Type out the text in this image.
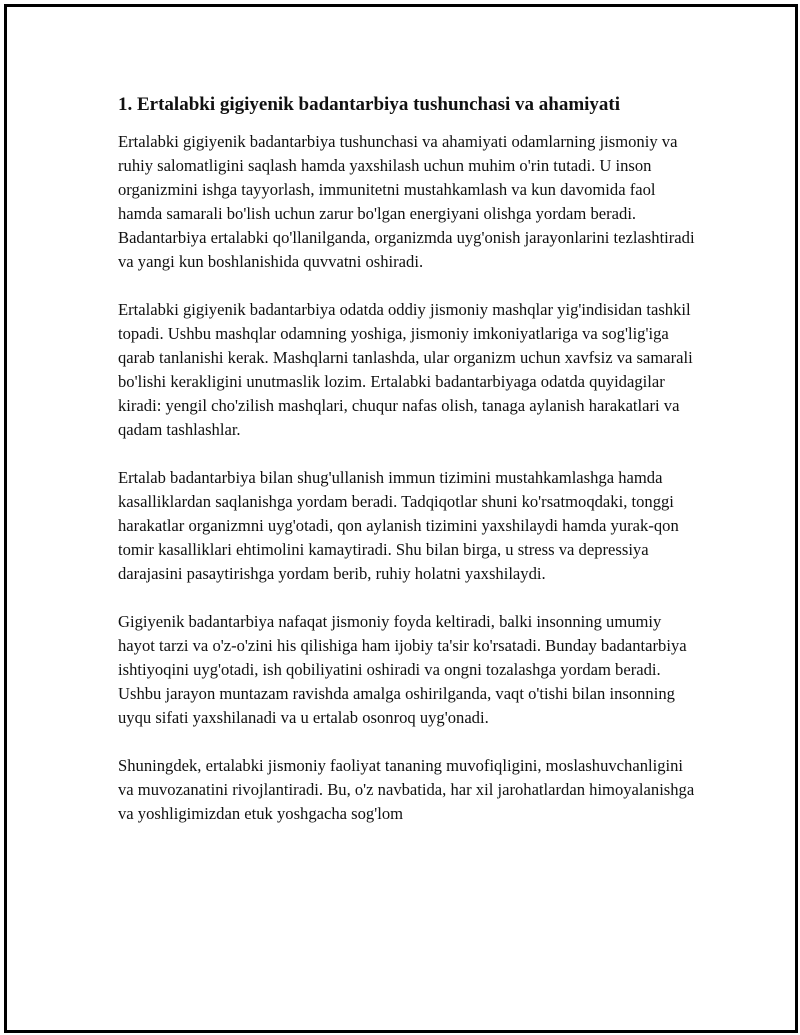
1. Ertalabki gigiyenik badantarbiya tushunchasi va ahamiyati

Ertalabki gigiyenik badantarbiya tushunchasi va ahamiyati odamlarning jismoniy va ruhiy salomatligini saqlash hamda yaxshilash uchun muhim o'rin tutadi. U inson organizmini ishga tayyorlash, immunitetni mustahkamlash va kun davomida faol hamda samarali bo'lish uchun zarur bo'lgan energiyani olishga yordam beradi. Badantarbiya ertalabki qo'llanilganda, organizmda uyg'onish jarayonlarini tezlashtiradi va yangi kun boshlanishida quvvatni oshiradi.

Ertalabki gigiyenik badantarbiya odatda oddiy jismoniy mashqlar yig'indisidan tashkil topadi. Ushbu mashqlar odamning yoshiga, jismoniy imkoniyatlariga va sog'lig'iga qarab tanlanishi kerak. Mashqlarni tanlashda, ular organizm uchun xavfsiz va samarali bo'lishi kerakligini unutmaslik lozim. Ertalabki badantarbiyaga odatda quyidagilar kiradi: yengil cho'zilish mashqlari, chuqur nafas olish, tanaga aylanish harakatlari va qadam tashlashlar.

Ertalab badantarbiya bilan shug'ullanish immun tizimini mustahkamlashga hamda kasalliklardan saqlanishga yordam beradi. Tadqiqotlar shuni ko'rsatmoqdaki, tonggi harakatlar organizmni uyg'otadi, qon aylanish tizimini yaxshilaydi hamda yurak-qon tomir kasalliklari ehtimolini kamaytiradi. Shu bilan birga, u stress va depressiya darajasini pasaytirishga yordam berib, ruhiy holatni yaxshilaydi.

Gigiyenik badantarbiya nafaqat jismoniy foyda keltiradi, balki insonning umumiy hayot tarzi va o'z-o'zini his qilishiga ham ijobiy ta'sir ko'rsatadi. Bunday badantarbiya ishtiyoqini uyg'otadi, ish qobiliyatini oshiradi va ongni tozalashga yordam beradi. Ushbu jarayon muntazam ravishda amalga oshirilganda, vaqt o'tishi bilan insonning uyqu sifati yaxshilanadi va u ertalab osonroq uyg'onadi.

Shuningdek, ertalabki jismoniy faoliyat tananing muvofiqligini, moslashuvchanligini va muvozanatini rivojlantiradi. Bu, o'z navbatida, har xil jarohatlardan himoyalanishga va yoshligimizdan etuk yoshgacha sog'lom
